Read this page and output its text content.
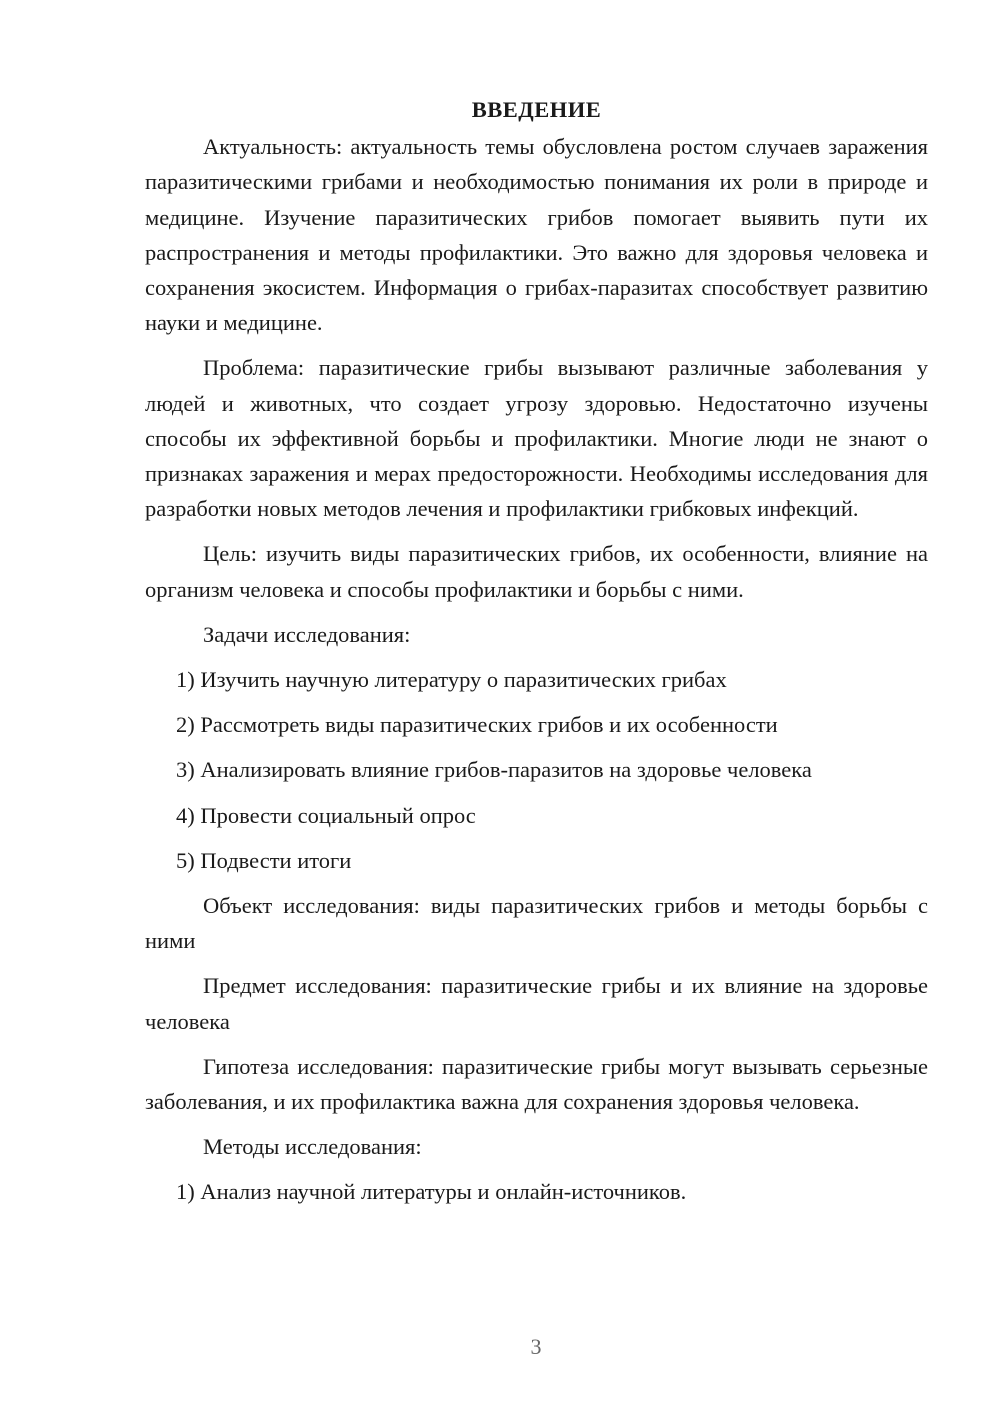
ВВЕДЕНИЕ

Актуальность: актуальность темы обусловлена ростом случаев заражения паразитическими грибами и необходимостью понимания их роли в природе и медицине. Изучение паразитических грибов помогает выявить пути их распространения и методы профилактики. Это важно для здоровья человека и сохранения экосистем. Информация о грибах-паразитах способствует развитию науки и медицине.

Проблема: паразитические грибы вызывают различные заболевания у людей и животных, что создает угрозу здоровью. Недостаточно изучены способы их эффективной борьбы и профилактики. Многие люди не знают о признаках заражения и мерах предосторожности. Необходимы исследования для разработки новых методов лечения и профилактики грибковых инфекций.

Цель: изучить виды паразитических грибов, их особенности, влияние на организм человека и способы профилактики и борьбы с ними.

Задачи исследования:

1) Изучить научную литературу о паразитических грибах
2) Рассмотреть виды паразитических грибов и их особенности
3) Анализировать влияние грибов-паразитов на здоровье человека
4) Провести социальный опрос
5) Подвести итоги

Объект исследования: виды паразитических грибов и методы борьбы с ними

Предмет исследования: паразитические грибы и их влияние на здоровье человека

Гипотеза исследования: паразитические грибы могут вызывать серьезные заболевания, и их профилактика важна для сохранения здоровья человека.

Методы исследования:

1) Анализ научной литературы и онлайн-источников.
3
